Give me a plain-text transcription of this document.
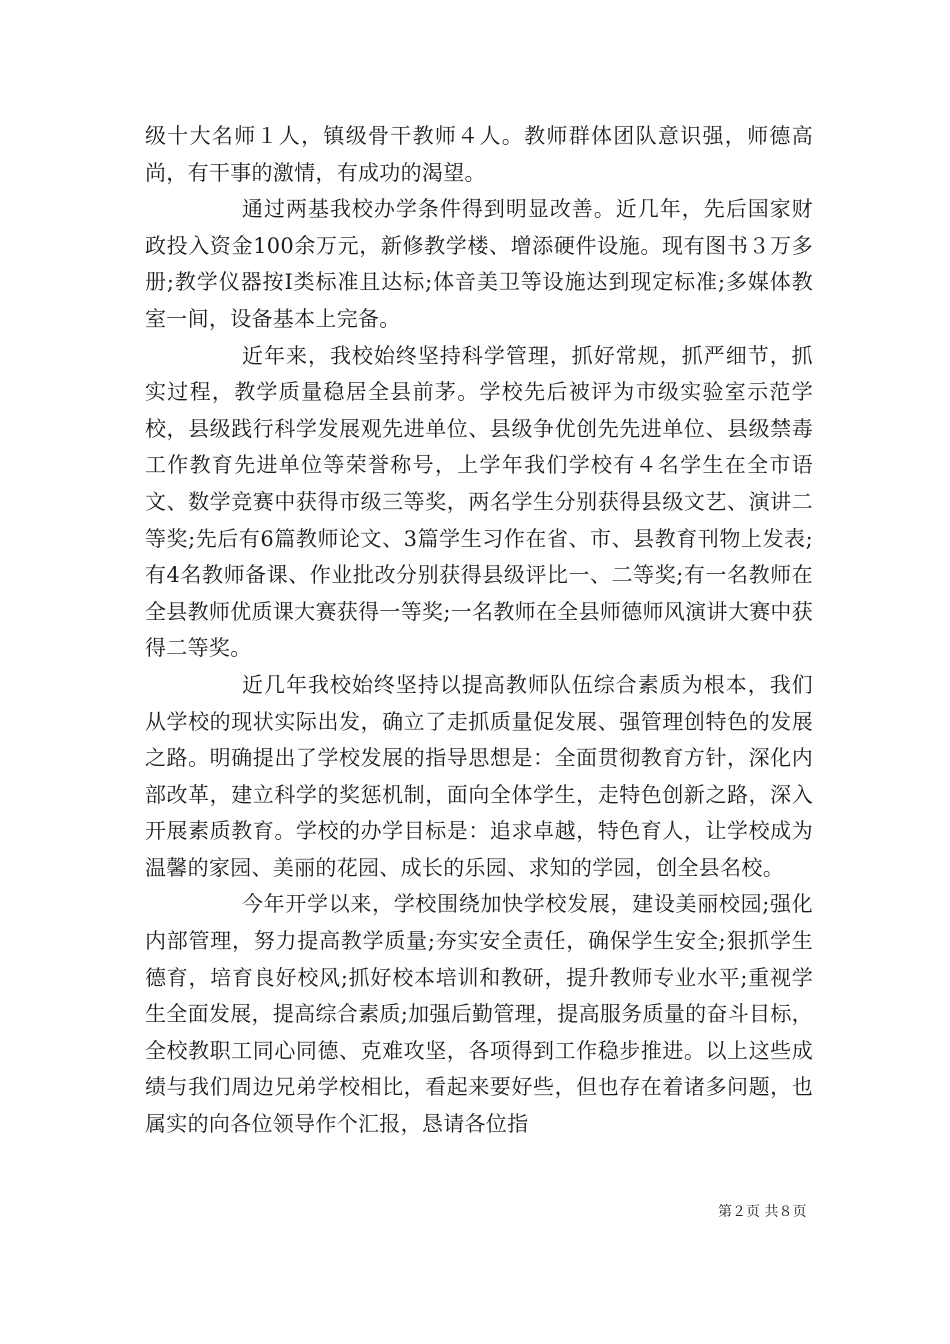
级十大名师１人，镇级骨干教师４人。教师群体团队意识强，师德高尚，有干事的激情，有成功的渴望。

通过两基我校办学条件得到明显改善。近几年，先后国家财政投入资金100余万元，新修教学楼、增添硬件设施。现有图书３万多册;教学仪器按Ⅰ类标准且达标;体音美卫等设施达到现定标准;多媒体教室一间，设备基本上完备。

近年来，我校始终坚持科学管理，抓好常规，抓严细节，抓实过程，教学质量稳居全县前茅。学校先后被评为市级实验室示范学校，县级践行科学发展观先进单位、县级争优创先先进单位、县级禁毒工作教育先进单位等荣誉称号，上学年我们学校有４名学生在全市语文、数学竞赛中获得市级三等奖，两名学生分别获得县级文艺、演讲二等奖;先后有6篇教师论文、3篇学生习作在省、市、县教育刊物上发表;有4名教师备课、作业批改分别获得县级评比一、二等奖;有一名教师在全县教师优质课大赛获得一等奖;一名教师在全县师德师风演讲大赛中获得二等奖。

近几年我校始终坚持以提高教师队伍综合素质为根本，我们从学校的现状实际出发，确立了走抓质量促发展、强管理创特色的发展之路。明确提出了学校发展的指导思想是：全面贯彻教育方针，深化内部改革，建立科学的奖惩机制，面向全体学生，走特色创新之路，深入开展素质教育。学校的办学目标是：追求卓越，特色育人，让学校成为温馨的家园、美丽的花园、成长的乐园、求知的学园，创全县名校。

今年开学以来，学校围绕加快学校发展，建设美丽校园;强化内部管理，努力提高教学质量;夯实安全责任，确保学生安全;狠抓学生德育，培育良好校风;抓好校本培训和教研，提升教师专业水平;重视学生全面发展，提高综合素质;加强后勤管理，提高服务质量的奋斗目标，全校教职工同心同德、克难攻坚，各项得到工作稳步推进。以上这些成绩与我们周边兄弟学校相比，看起来要好些，但也存在着诸多问题，也属实的向各位领导作个汇报，恳请各位指

第２页 共８页
